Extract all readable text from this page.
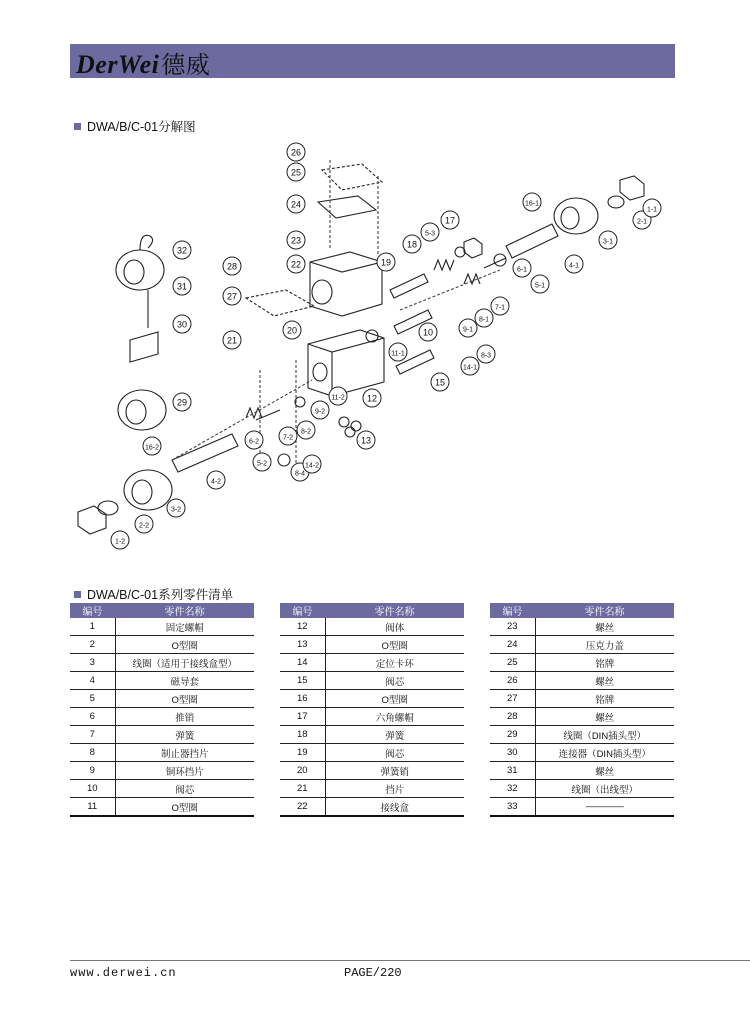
DerWei德威
DWA/B/C-01分解图
26
25
24
23
22
28
27
20
21
32
31
30
29
16-2
4-2
3-2
2-2
1-2
6-2
7-2
8-2
9-2
11-2
5-2
8-4
14-2
12
13
19
18
5-3
17
16-1
3-1
2-1
1-1
4-1
5-1
6-1
7-1
8-1
9-1
10
11-1
14-1
8-3
15
DWA/B/C-01系列零件清单
编号	零件名称
1	固定螺帽
2	O型圈
3	线圈（适用于接线盒型）
4	磁导套
5	O型圈
6	推销
7	弹簧
8	制止器挡片
9	铜环挡片
10	阀芯
11	O型圈
编号	零件名称
12	阀体
13	O型圈
14	定位卡环
15	阀芯
16	O型圈
17	六角螺帽
18	弹簧
19	阀芯
20	弹簧销
21	挡片
22	接线盒
编号	零件名称
23	螺丝
24	压克力盖
25	铭牌
26	螺丝
27	铭牌
28	螺丝
29	线圈（DIN插头型）
30	连接器（DIN插头型）
31	螺丝
32	线圈（出线型）
33	————
www.derwei.cn	PAGE/220
